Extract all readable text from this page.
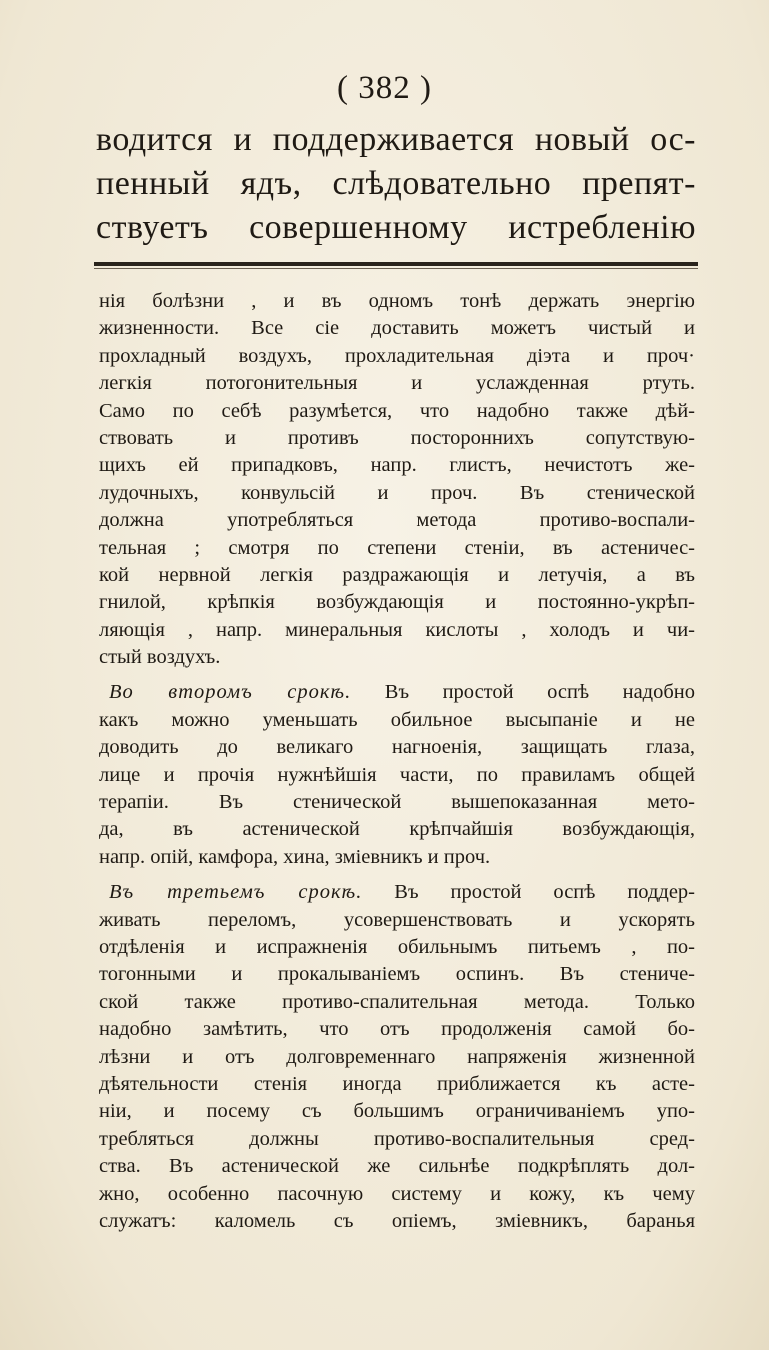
( 382 )
водится и поддерживается новый ос-
пенный ядъ, слѣдовательно препят-
ствуетъ совершенному истребленію
нія болѣзни , и въ одномъ тонѣ держать энергію
жизненности. Все сіе доставить можетъ чистый и
прохладный воздухъ, прохладительная діэта и проч·
легкія потогонительныя и услажденная ртуть.
Само по себѣ разумѣется, что надобно также дѣй-
ствовать и противъ постороннихъ сопутствую-
щихъ ей припадковъ, напр. глистъ, нечистотъ же-
лудочныхъ, конвульсій и проч. Въ стенической
должна употребляться метода противо-воспали-
тельная ; смотря по степени стеніи, въ астеничес-
кой нервной легкія раздражающія и летучія, а въ
гнилой, крѣпкія возбуждающія и постоянно-укрѣп-
ляющія , напр. минеральныя кислоты , холодъ и чи-
стый воздухъ.
Во второмъ срокѣ. Въ простой оспѣ надобно
какъ можно уменьшать обильное высыпаніе и не
доводить до великаго нагноенія, защищать глаза,
лице и прочія нужнѣйшія части, по правиламъ общей
терапіи. Въ стенической вышепоказанная мето-
да, въ астенической крѣпчайшія возбуждающія,
напр. опій, камфора, хина, зміевникъ и проч.
Въ третьемъ срокѣ. Въ простой оспѣ поддер-
живать переломъ, усовершенствовать и ускорять
отдѣленія и испражненія обильнымъ питьемъ , по-
тогонными и прокалываніемъ оспинъ. Въ стениче-
ской также противо-спалительная метода. Только
надобно замѣтить, что отъ продолженія самой бо-
лѣзни и отъ долговременнаго напряженія жизненной
дѣятельности стенія иногда приближается къ асте-
ніи, и посему съ большимъ ограничиваніемъ упо-
требляться должны противо-воспалительныя сред-
ства. Въ астенической же сильнѣе подкрѣплять дол-
жно, особенно пасочную систему и кожу, къ чему
служатъ: каломель съ опіемъ, зміевникъ, баранья
